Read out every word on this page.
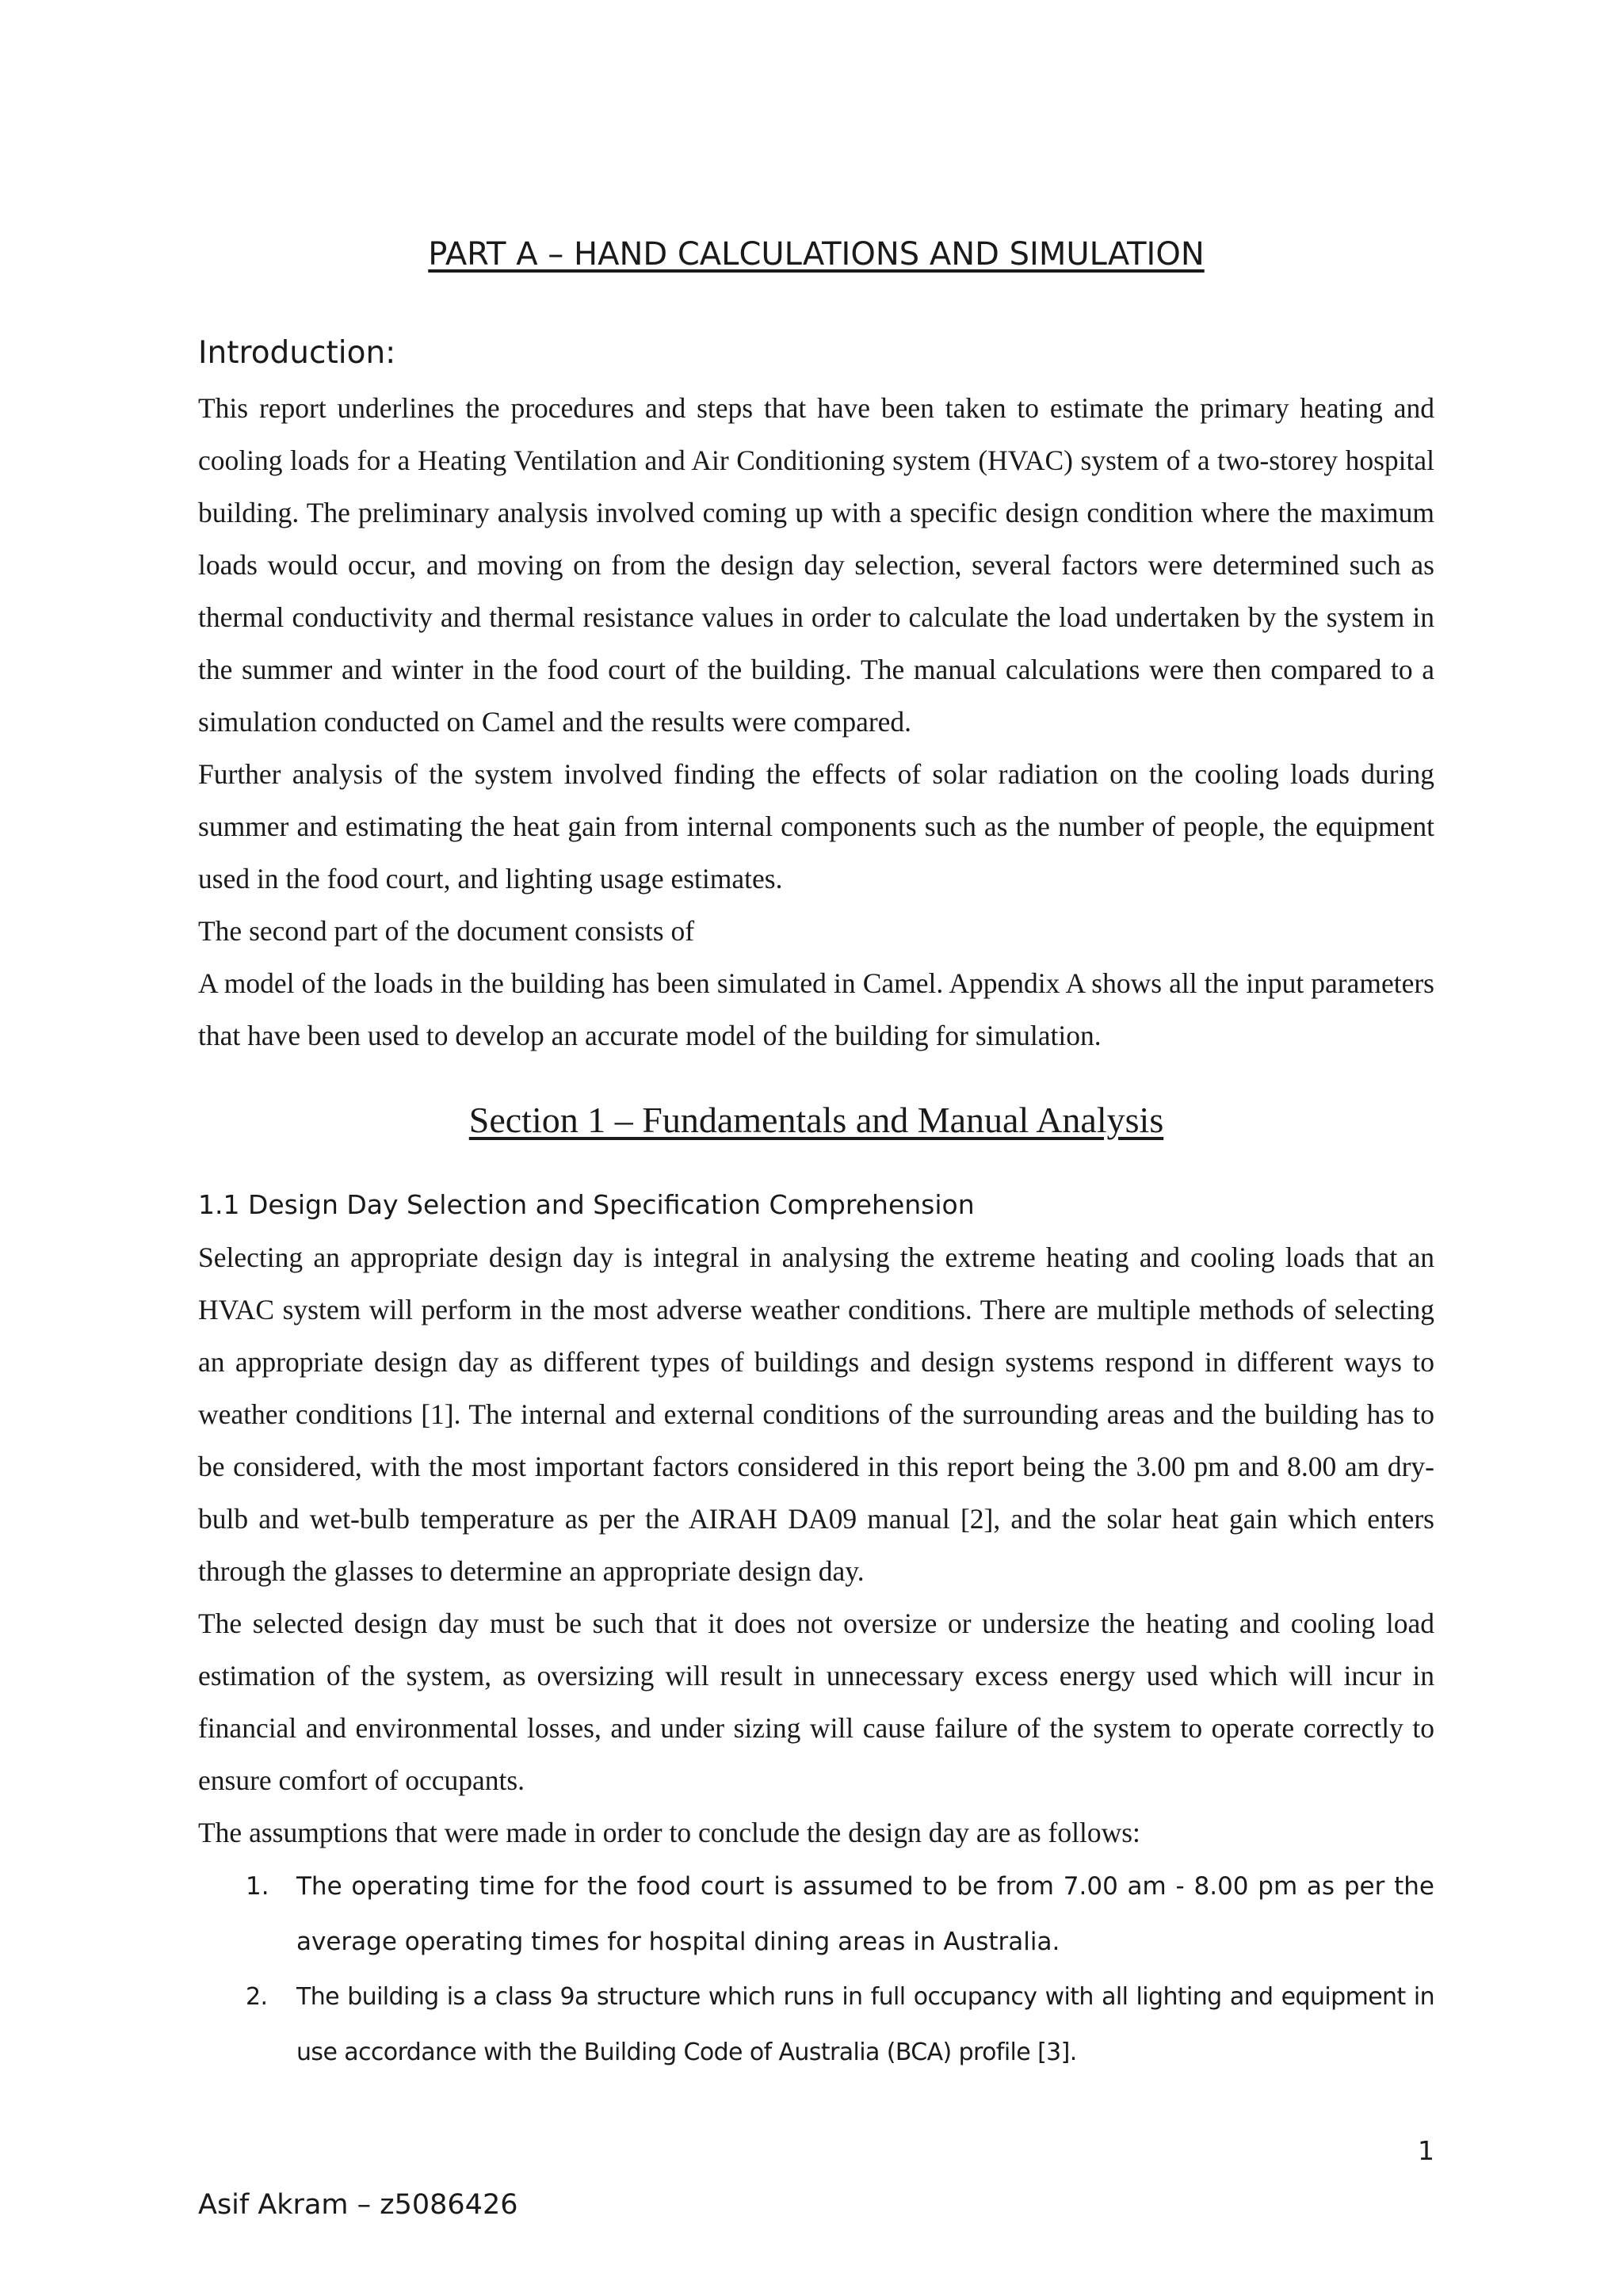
PART A – HAND CALCULATIONS AND SIMULATION
Introduction:

This report underlines the procedures and steps that have been taken to estimate the primary heating and cooling loads for a Heating Ventilation and Air Conditioning system (HVAC) system of a two-storey hospital building. The preliminary analysis involved coming up with a specific design condition where the maximum loads would occur, and moving on from the design day selection, several factors were determined such as thermal conductivity and thermal resistance values in order to calculate the load undertaken by the system in the summer and winter in the food court of the building. The manual calculations were then compared to a simulation conducted on Camel and the results were compared.

Further analysis of the system involved finding the effects of solar radiation on the cooling loads during summer and estimating the heat gain from internal components such as the number of people, the equipment used in the food court, and lighting usage estimates.

The second part of the document consists of

A model of the loads in the building has been simulated in Camel. Appendix A shows all the input parameters that have been used to develop an accurate model of the building for simulation.

Section 1 – Fundamentals and Manual Analysis
1.1 Design Day Selection and Specification Comprehension

Selecting an appropriate design day is integral in analysing the extreme heating and cooling loads that an HVAC system will perform in the most adverse weather conditions. There are multiple methods of selecting an appropriate design day as different types of buildings and design systems respond in different ways to weather conditions [1]. The internal and external conditions of the surrounding areas and the building has to be considered, with the most important factors considered in this report being the 3.00 pm and 8.00 am dry-bulb and wet-bulb temperature as per the AIRAH DA09 manual [2], and the solar heat gain which enters through the glasses to determine an appropriate design day.

The selected design day must be such that it does not oversize or undersize the heating and cooling load estimation of the system, as oversizing will result in unnecessary excess energy used which will incur in financial and environmental losses, and under sizing will cause failure of the system to operate correctly to ensure comfort of occupants.

The assumptions that were made in order to conclude the design day are as follows:

1. The operating time for the food court is assumed to be from 7.00 am - 8.00 pm as per the average operating times for hospital dining areas in Australia.
2. The building is a class 9a structure which runs in full occupancy with all lighting and equipment in use accordance with the Building Code of Australia (BCA) profile [3].
1
Asif Akram – z5086426
